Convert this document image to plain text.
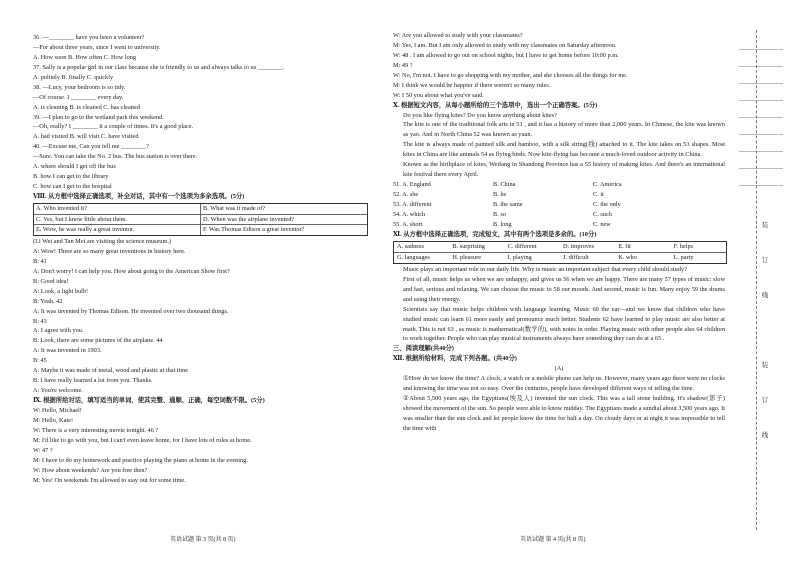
36. —________ have you been a volunteer?
—For about three years, since I went to university.
A. How soon B. How often C. How long
37. Sally is a popular girl in our class because she is friendly to us and always talks to us ________.
A. politely B. finally C. quickly
38. —Lucy, your bedroom is so tidy.
—Of course. I ________ every day.
A. is cleaning B. is cleaned C. has cleaned
39. —I plan to go to the wetland park this weekend.
—Oh, really? I ________ it a couple of times. It's a good place.
A. had visited B. will visit C. have visited
40. —Excuse me, Can you tell me ________?
—Sure. You can take the No. 2 bus. The bus station is over there.
A. where should I get off the bus
B. how I can get to the library
C. how can I get to the hospital
Ⅷ. 从方框中选择正确选项，补全对话，其中有一个选项为多余选项。(5分)
A. Who invented it?	B. What was it made of?
C. Yes, but I know little about them.	D. When was the airplane invented?
E. Wow, he was really a great inventor.	F. Was Thomas Edison a great inventor?
(Li Wei and Tan Mei are visiting the science museum.)
A: Wow! There are so many great inventions in history here.
B: 41
A: Don't worry! I can help you. How about going to the American Show first?
B: Good idea!
A: Look, a light bulb!
B: Yeah. 42
A: It was invented by Thomas Edison. He invented over two thousand things.
B: 43
A: I agree with you.
B: Look, there are some pictures of the airplane. 44
A: It was invented in 1903.
B: 45
A: Maybe it was made of metal, wood and plastic at that time
B: I have really learned a lot from you. Thanks.
A: You're welcome.
Ⅸ. 根据所给对话，填写适当的单词，使其完整、通顺、正确，每空词数不限。(5分)
W: Hello, Michael!
M: Hello, Kate!
W: There is a very interesting movie tonight. 46 ?
M: I'd like to go with you, but I can't even leave home, for I have lots of rules at home.
W: 47 ?
M: I have to do my homework and practice playing the piano at home in the evening.
W: How about weekends? Are you free then?
M: Yes! On weekends I'm allowed to stay out for some time.
英语试题 第 3 页(共 8 页)
W: Are you allowed to study with your classmates?
M: Yes, I am. But I am only allowed to study with my classmates on Saturday afternoon.
W: 48 . I am allowed to go out on school nights, but I have to get home before 10:00 p.m.
M: 49 ?
W: No, I'm not. I have to go shopping with my mother, and she chooses all the things for me.
M: I think we would be happier if there weren't so many rules.
W: I 50 you about what you've said.
Ⅹ. 根据短文内容，从每小题所给的三个选项中，选出一个正确答案。(5分)
Do you like flying kites? Do you know anything about kites?
The kite is one of the traditional folk arts in 51 , and it has a history of more than 2,000 years. In Chinese, the kite was known as yao. And in North China 52 was known as yuan.
The kite is always made of painted silk and bamboo, with a silk string(线) attached to it. The kite takes on 53 shapes. Most kites in China are like animals 54 as flying birds. Now kite-flying has become a much-loved outdoor activity in China.
Known as the birthplace of kites, Weifang in Shandong Province has a 55 history of making kites. And there's an international kite festival there every April.
51. A. England	B. China	C. America
52. A. she	B. he	C. it
53. A. different	B. the same	C. the only
54. A. which	B. so	C. such
55. A. short	B. long	C. new
Ⅺ. 从方框中选择正确选项，完成短文，其中有两个选项是多余的。(10分)
A. sadness	B. surprising	C. different	D. improves	E. fit	F. helps
G. languages	H. pleasure	I. playing	J. difficult	K. who	L. party
Music plays an important role in our daily life. Why is music an important subject that every child should study?
First of all, music helps us when we are unhappy, and gives us 56 when we are happy. There are many 57 types of music: slow and fast, serious and relaxing. We can choose the music to 58 our moods. And second, music is fun. Many enjoy 59 the drums and using their energy.
Scientists say that music helps children with language learning. Music 60 the ear—and we know that children who have studied music can learn 61 more easily and pronounce much better. Students 62 have learned to play music are also better at math. This is not 63 , as music is mathematical(数学的), with notes in order. Playing music with other people also 64 children to work together. People who can play musical instruments always have something they can do at a 65 .
三、阅读理解(共40分)
Ⅻ. 根据所给材料，完成下列各题。(共40分)
(A)
①How do we know the time? A clock, a watch or a mobile phone can help us. However, many years ago there were no clocks and knowing the time was not so easy. Over the centuries, people have developed different ways of telling the time.
②About 5,500 years ago, the Egyptians(埃及人) invented the sun clock. This was a tall stone building. It's shadow(影子) showed the movement of the sun. So people were able to know midday. The Egyptians made a sundial about 3,500 years ago. It was smaller than the sun clock and let people know the time for half a day. On cloudy days or at night it was impossible to tell the time with
英语试题 第 4 页(共 8 页)
装
订
线
装
订
线
